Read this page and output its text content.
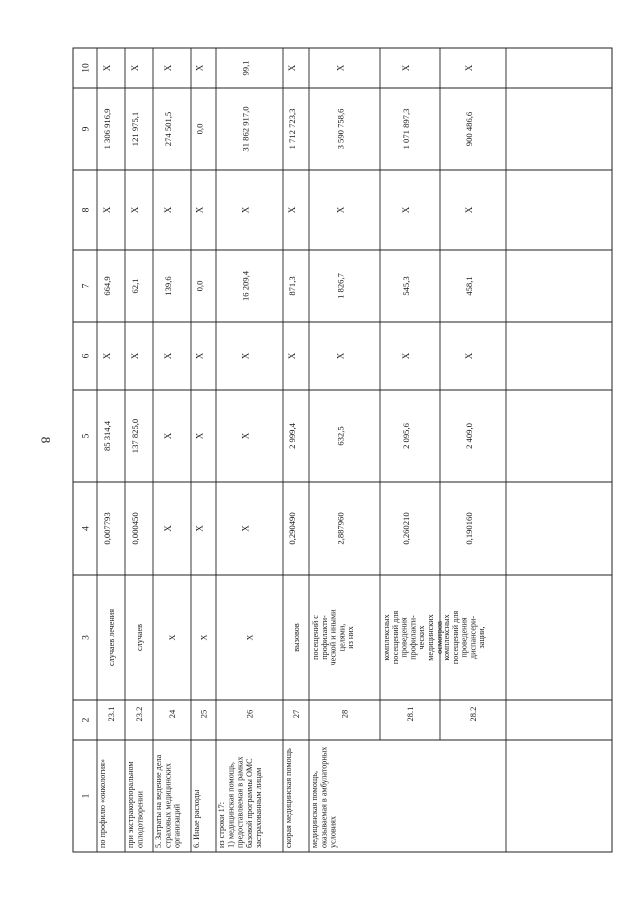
8
1
2
3
4
5
6
7
8
9
10
по профилю «онкология»
23.1
случаев лечения
0,007793
85 314,4
X
664,9
X
1 306 916,9
X
при экстракорпоральном оплодотворении
23.2
случаев
0,000450
137 825,0
X
62,1
X
121 975,1
X
5. Затраты на ведение дела страховых медицинских организаций
24
X
X
X
X
139,6
X
274 501,5
X
6. Иные расходы
25
X
X
X
X
0,0
X
0,0
X
из строки 17: 1) медицинская помощь, предоставляемая в рамках базовой программы ОМС застрахованным лицам
26
X
X
X
X
16 209,4
X
31 862 917,0
99,1
скорая медицинская помощь
27
вызовов
0,290490
2 999,4
X
871,3
X
1 712 723,3
X
медицинская помощь, оказываемая в амбулаторных условиях
28
посещений с профилакти- ческой и иными целями, из них
2,887960
632,5
X
1 826,7
X
3 590 758,6
X
28.1
комплексных посещений для проведения профилакти- ческих медицинских осмотров
0,260210
2 095,6
X
545,3
X
1 071 897,3
X
28.2
комплексных посещений для проведения диспансери- зации,
0,190160
2 409,0
X
458,1
X
900 486,6
X
